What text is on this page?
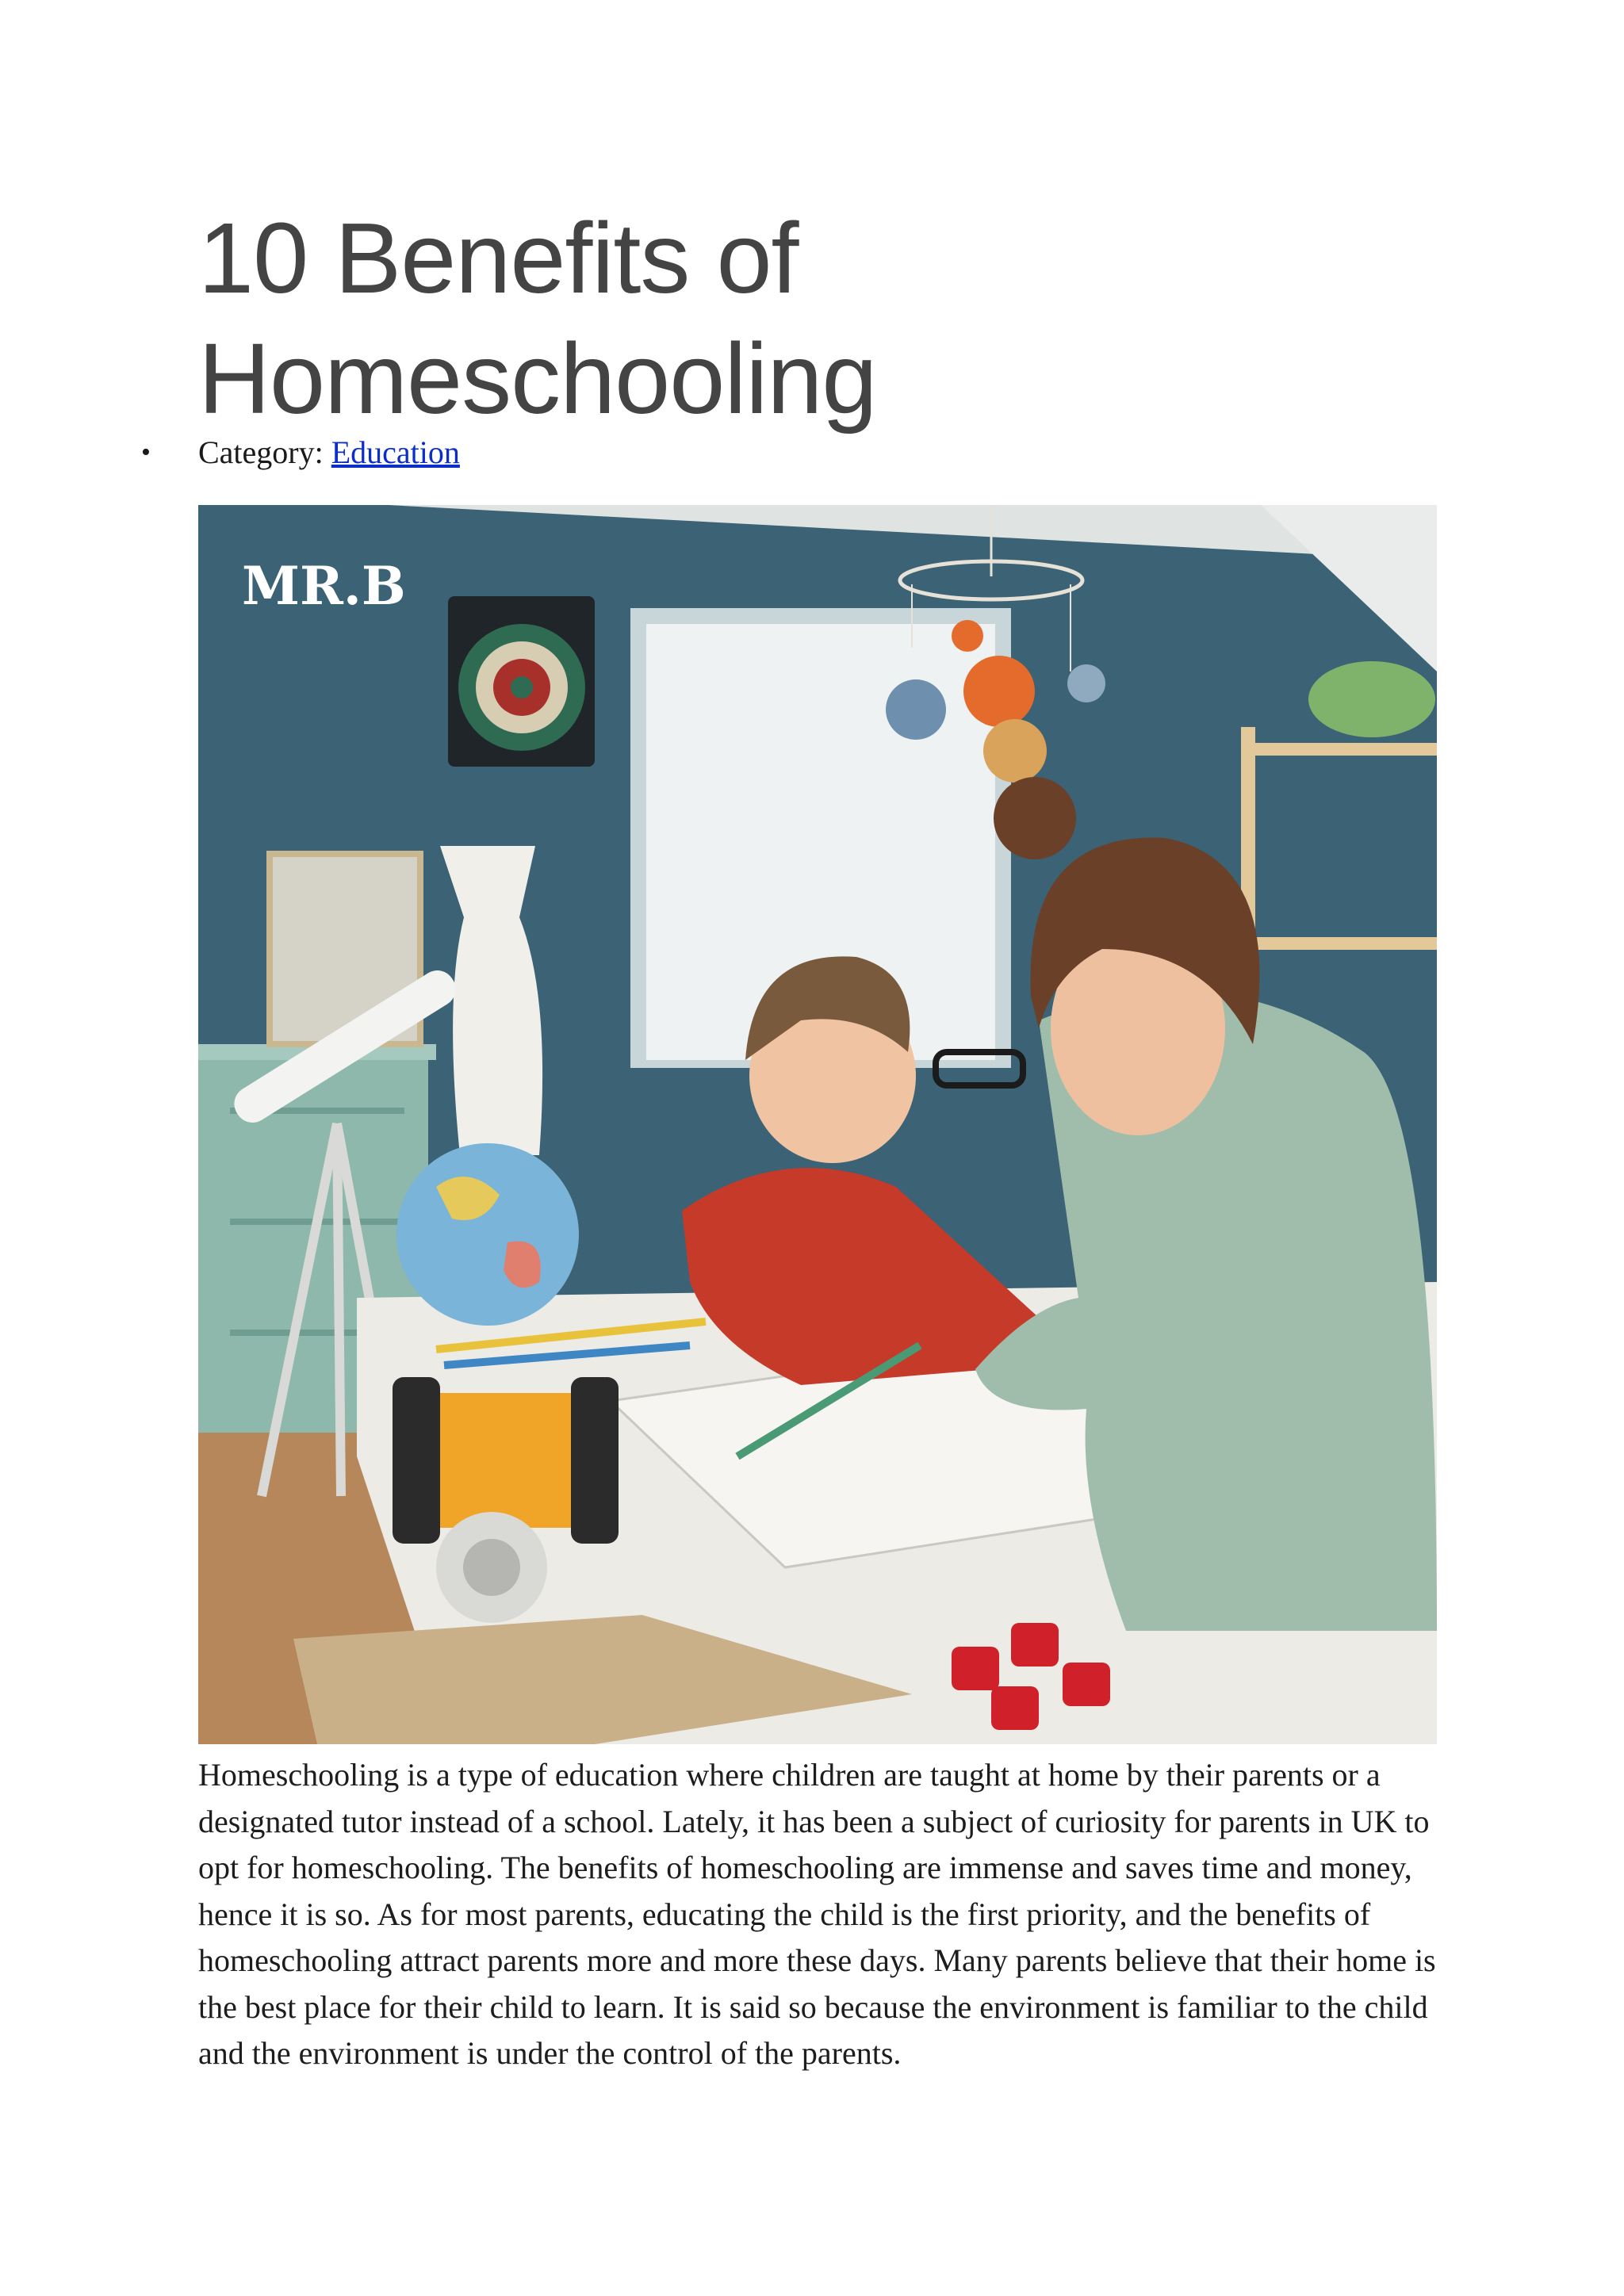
10 Benefits of
Homeschooling
•	Category: Education
MR.B

Homeschooling is a type of education where children are taught at home by their parents or a designated tutor instead of a school. Lately, it has been a subject of curiosity for parents in UK to opt for homeschooling. The benefits of homeschooling are immense and saves time and money, hence it is so. As for most parents, educating the child is the first priority, and the benefits of homeschooling attract parents more and more these days. Many parents believe that their home is the best place for their child to learn. It is said so because the environment is familiar to the child and the environment is under the control of the parents.
